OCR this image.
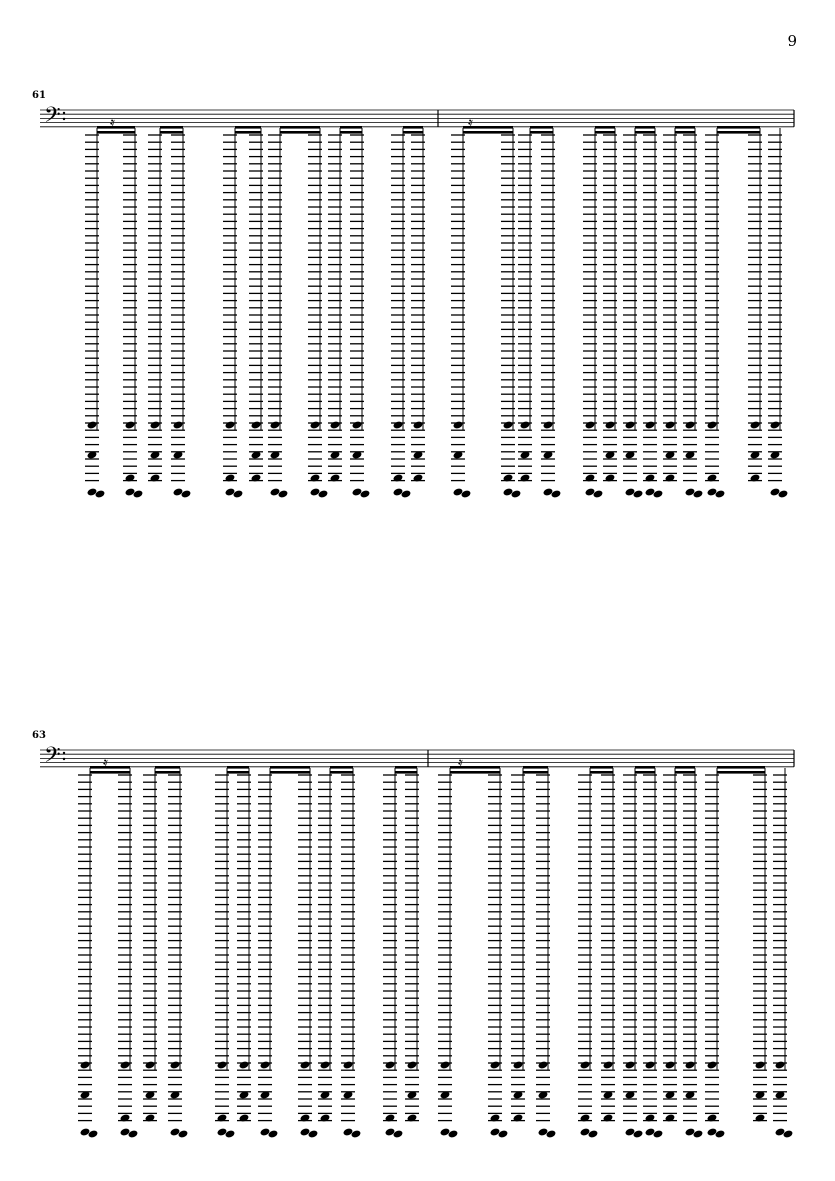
9
61
𝄢	𝄿	𝄿
63
𝄢	𝄿	𝄿
